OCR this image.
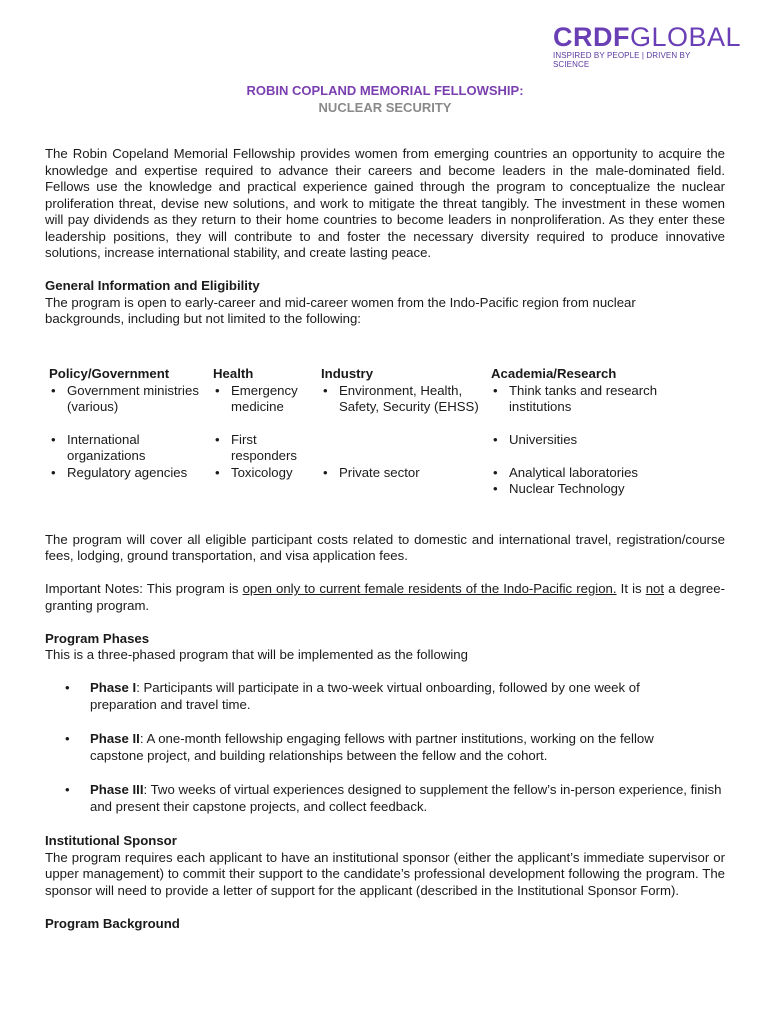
CRDFGLOBAL
INSPIRED BY PEOPLE | DRIVEN BY SCIENCE
ROBIN COPLAND MEMORIAL FELLOWSHIP:
NUCLEAR SECURITY

The Robin Copeland Memorial Fellowship provides women from emerging countries an opportunity to acquire the knowledge and expertise required to advance their careers and become leaders in the male-dominated field. Fellows use the knowledge and practical experience gained through the program to conceptualize the nuclear proliferation threat, devise new solutions, and work to mitigate the threat tangibly. The investment in these women will pay dividends as they return to their home countries to become leaders in nonproliferation. As they enter these leadership positions, they will contribute to and foster the necessary diversity required to produce innovative solutions, increase international stability, and create lasting peace.

General Information and Eligibility

The program is open to early-career and mid-career women from the Indo-Pacific region from nuclear backgrounds, including but not limited to the following:

Policy/Government	Health	Industry	Academia/Research

• Government ministries (various)	• Emergency medicine	• Environment, Health, Safety, Security (EHSS)	• Think tanks and research institutions

• International organizations	• First responders		• Universities

• Regulatory agencies	• Toxicology	• Private sector	• Analytical laboratories

			• Nuclear Technology

The program will cover all eligible participant costs related to domestic and international travel, registration/course fees, lodging, ground transportation, and visa application fees.

Important Notes: This program is open only to current female residents of the Indo-Pacific region. It is not a degree-granting program.

Program Phases

This is a three-phased program that will be implemented as the following

•	Phase I: Participants will participate in a two-week virtual onboarding, followed by one week of preparation and travel time.
•	Phase II: A one-month fellowship engaging fellows with partner institutions, working on the fellow capstone project, and building relationships between the fellow and the cohort.
•	Phase III: Two weeks of virtual experiences designed to supplement the fellow’s in-person experience, finish and present their capstone projects, and collect feedback.
Institutional Sponsor

The program requires each applicant to have an institutional sponsor (either the applicant’s immediate supervisor or upper management) to commit their support to the candidate’s professional development following the program. The sponsor will need to provide a letter of support for the applicant (described in the Institutional Sponsor Form).

Program Background
